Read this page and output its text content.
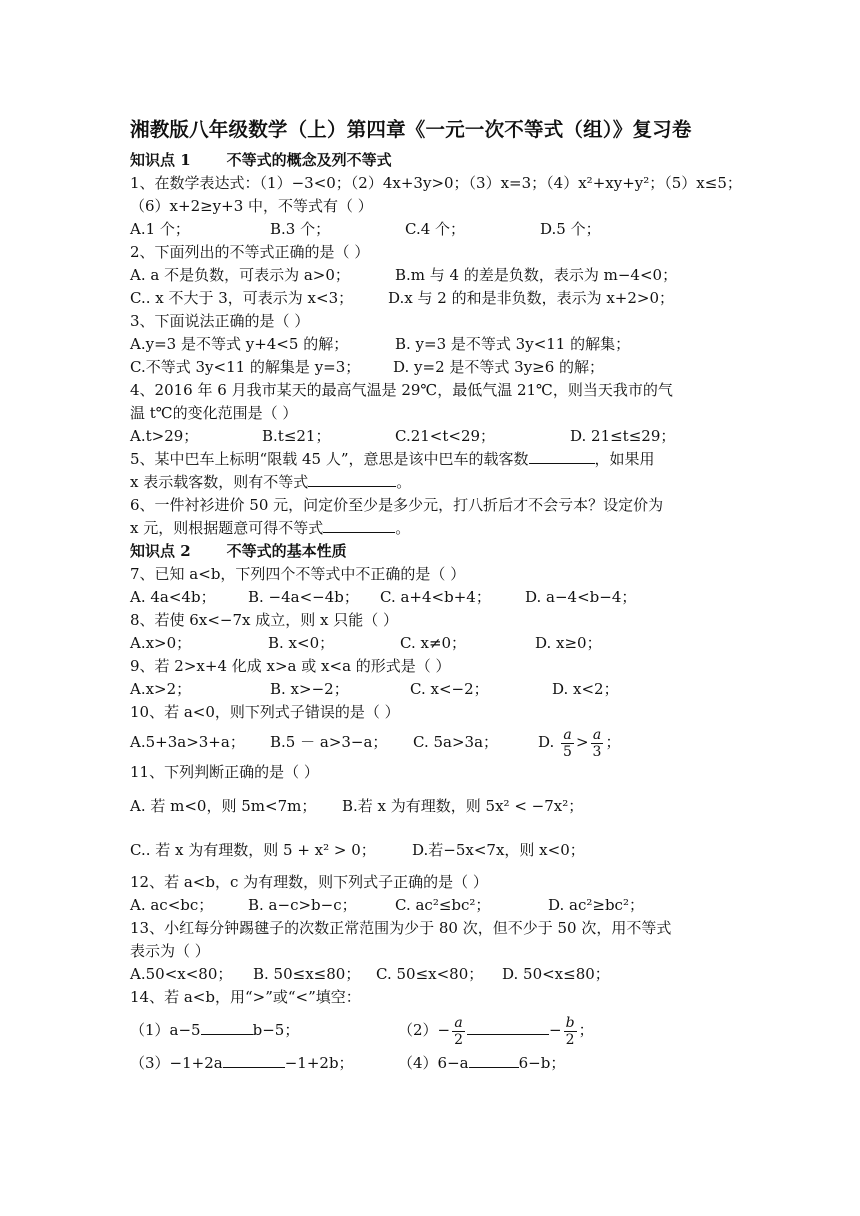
湘教版八年级数学（上）第四章《一元一次不等式（组）》复习卷
知识点 1 不等式的概念及列不等式
1、在数学表达式：（1）−3<0；（2）4x+3y>0；（3）x=3；（4）x²+xy+y²；（5）x≤5；
（6）x+2≥y+3 中，不等式有（ ）
A.1 个；	B.3 个；	C.4 个；	D.5 个；
2、下面列出的不等式正确的是（ ）
A. a 不是负数，可表示为 a>0；	B.m 与 4 的差是负数，表示为 m−4<0；
C.. x 不大于 3，可表示为 x<3； D.x 与 2 的和是非负数，表示为 x+2>0；
3、下面说法正确的是（ ）
A.y=3 是不等式 y+4<5 的解；	B. y=3 是不等式 3y<11 的解集；
C.不等式 3y<11 的解集是 y=3； D. y=2 是不等式 3y≥6 的解；
4、2016 年 6 月我市某天的最高气温是 29℃，最低气温 21℃，则当天我市的气
温 t℃的变化范围是（ ）
A.t>29；	B.t≤21；	C.21<t<29；	D. 21≤t≤29；
5、某中巴车上标明“限载 45 人”，意思是该中巴车的载客数	，如果用
x 表示载客数，则有不等式	。
6、一件衬衫进价 50 元，问定价至少是多少元，打八折后才不会亏本？设定价为
x 元，则根据题意可得不等式	。
知识点 2 不等式的基本性质
7、已知 a<b，下列四个不等式中不正确的是（ ）
A. 4a<4b； B. −4a<−4b； C. a+4<b+4； D. a−4<b−4；
8、若使 6x<−7x 成立，则 x 只能（ ）
A.x>0；	B. x<0；	C. x≠0；	D. x≥0；
9、若 2>x+4 化成 x>a 或 x<a 的形式是（ ）
A.x>2；	B. x>−2；	C. x<−2；	D. x<2；
10、若 a<0，则下列式子错误的是（ ）
A.5+3a>3+a； B.5 － a>3−a； C. 5a>3a；	D. $\frac{a}{5} > \frac{a}{3}$ ；
11、下列判断正确的是（ ）
A. 若 m<0，则 5m<7m； B.若 x 为有理数，则 5x² < −7x²；
C.. 若 x 为有理数，则 5 + x² > 0； D.若−5x<7x，则 x<0；
12、若 a<b，c 为有理数，则下列式子正确的是（ ）
A. ac<bc； B. a−c>b−c；	C. ac²≤bc²；	D. ac²≥bc²；
13、小红每分钟踢毽子的次数正常范围为少于 80 次，但不少于 50 次，用不等式
表示为（ ）
A.50<x<80； B. 50≤x≤80； C. 50≤x<80； D. 50<x≤80；
14、若 a<b，用“>”或“<”填空：
（1）a−5	b−5；	$(2)- \frac{a}{2}$	− $\frac{b}{2}$ ；
（3）−1+2a	−1+2b；	（4）6−a	6−b；
